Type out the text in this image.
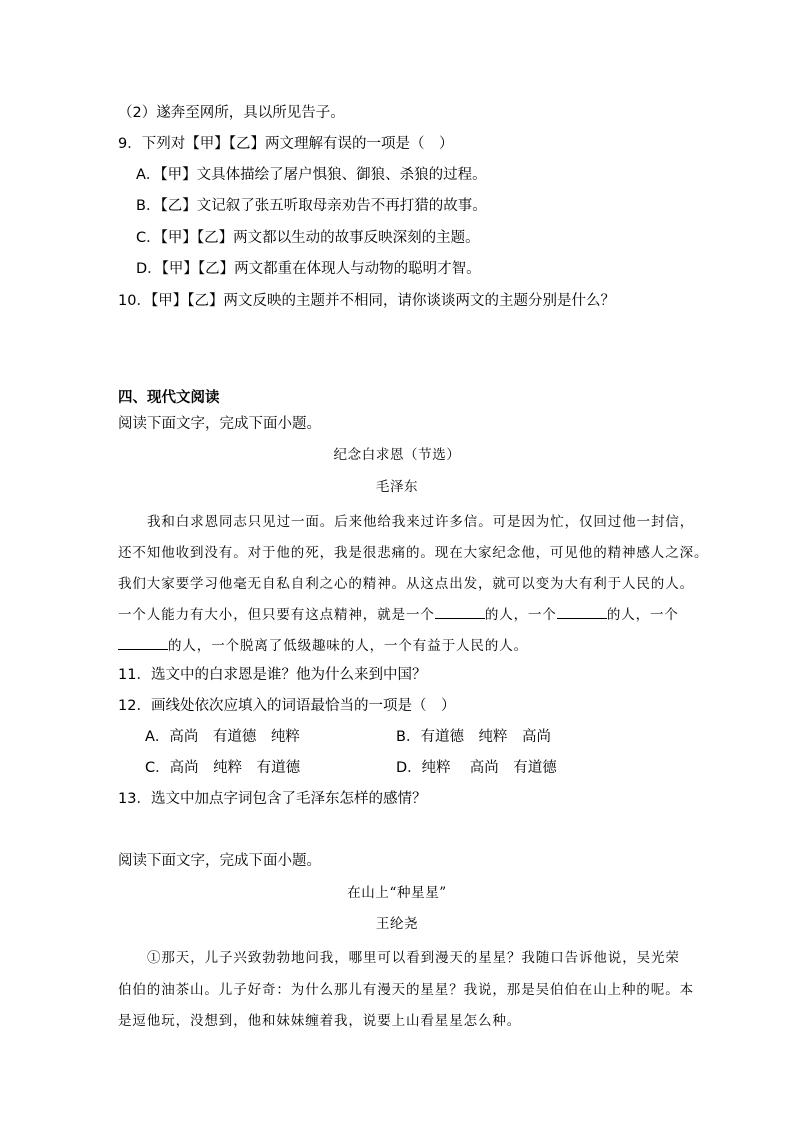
（2）遂奔至网所，具以所见告子。
9．下列对【甲】【乙】两文理解有误的一项是（　）
A．【甲】文具体描绘了屠户惧狼、御狼、杀狼的过程。
B．【乙】文记叙了张五听取母亲劝告不再打猎的故事。
C．【甲】【乙】两文都以生动的故事反映深刻的主题。
D．【甲】【乙】两文都重在体现人与动物的聪明才智。
10．【甲】【乙】两文反映的主题并不相同，请你谈谈两文的主题分别是什么？
四、现代文阅读
阅读下面文字，完成下面小题。
纪念白求恩（节选）
毛泽东
我和白求恩同志只见过一面。后来他给我来过许多信。可是因为忙，仅回过他一封信，
还不知他收到没有。对于他的死，我是很悲痛的。现在大家纪念他，可见他的精神感人之深。
我们大家要学习他毫无自私自利之心的精神。从这点出发，就可以变为大有利于人民的人。
一个人能力有大小，但只要有这点精神，就是一个	的人，一个	的人，一个
的人，一个脱离了低级趣味的人，一个有益于人民的人。
11．选文中的白求恩是谁？他为什么来到中国？
12．画线处依次应填入的词语最恰当的一项是（　）
A．高尚　有道德　纯粹	B．有道德　纯粹　高尚
C．高尚　纯粹　有道德	D．纯粹　 高尚　有道德
13．选文中加点字词包含了毛泽东怎样的感情？
阅读下面文字，完成下面小题。
在山上“种星星”
王纶尧
①那天，儿子兴致勃勃地问我，哪里可以看到漫天的星星？我随口告诉他说，吴光荣
伯伯的油茶山。儿子好奇：为什么那儿有漫天的星星？我说，那是吴伯伯在山上种的呢。本
是逗他玩，没想到，他和妹妹缠着我，说要上山看星星怎么种。
